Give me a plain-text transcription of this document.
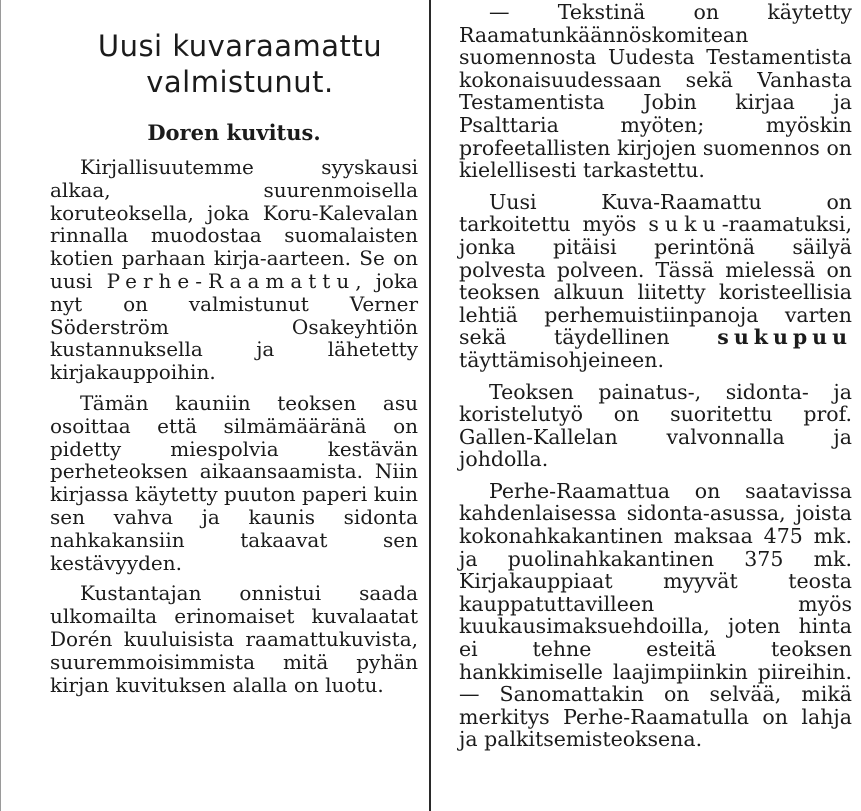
Uusi kuvaraamattu
valmistunut.
Doren kuvitus.

Kirjallisuutemme syyskausi alkaa, suurenmoisella koruteoksella, joka Koru-Kalevalan rinnalla muodostaa suomalaisten kotien parhaan kirja-aarteen. Se on uusi Perhe-Raamattu, joka nyt on valmistunut Verner Söderström Osakeyhtiön kustannuksella ja lähetetty kirjakauppoihin.

Tämän kauniin teoksen asu osoittaa että silmämääränä on pidetty miespolvia kestävän perheteoksen aikaansaamista. Niin kirjassa käytetty puuton paperi kuin sen vahva ja kaunis sidonta nahkakansiin takaavat sen kestävyyden.

Kustantajan onnistui saada ulkomailta erinomaiset kuvalaatat Dorén kuuluisista raamattukuvista, suuremmoisimmista mitä pyhän kirjan kuvituksen alalla on luotu.

— Tekstinä on käytetty Raamatunkäännöskomitean suomennosta Uudesta Testamentista kokonaisuudessaan sekä Vanhasta Testamentista Jobin kirjaa ja Psalttaria myöten; myöskin profeetallisten kirjojen suomennos on kielellisesti tarkastettu.

Uusi Kuva-Raamattu on tarkoitettu myös suku-raamatuksi, jonka pitäisi perintönä säilyä polvesta polveen. Tässä mielessä on teoksen alkuun liitetty koristeellisia lehtiä perhemuistiinpanoja varten sekä täydellinen sukupuu täyttämisohjeineen.

Teoksen painatus-, sidonta- ja koristelutyö on suoritettu prof. Gallen-Kallelan valvonnalla ja johdolla.

Perhe-Raamattua on saatavissa kahdenlaisessa sidonta-asussa, joista kokonahkakantinen maksaa 475 mk. ja puolinahkakantinen 375 mk. Kirjakauppiaat myyvät teosta kauppatuttavilleen myös kuukausimaksuehdoilla, joten hinta ei tehne esteitä teoksen hankkimiselle laajimpiinkin piireihin. — Sanomattakin on selvää, mikä merkitys Perhe-Raamatulla on lahja ja palkitsemisteoksena.
